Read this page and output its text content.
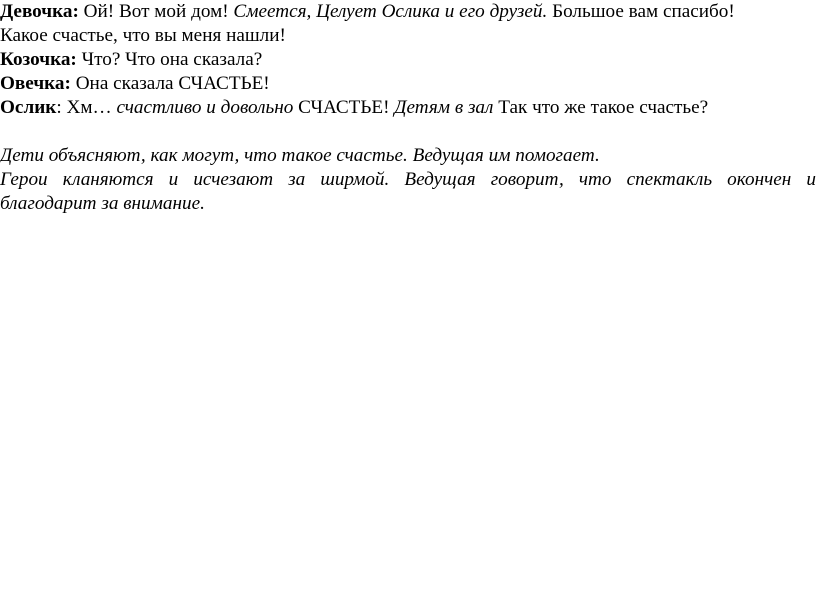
Девочка: Ой! Вот мой дом! Смеется, Целует Ослика и его друзей. Большое вам спасибо!

Какое счастье, что вы меня нашли!

Козочка: Что? Что она сказала?

Овечка: Она сказала СЧАСТЬЕ!

Ослик: Хм… счастливо и довольно СЧАСТЬЕ! Детям в зал Так что же такое счастье?

Дети объясняют, как могут, что такое счастье. Ведущая им помогает.

Герои кланяются и исчезают за ширмой. Ведущая говорит, что спектакль окончен и

благодарит за внимание.
